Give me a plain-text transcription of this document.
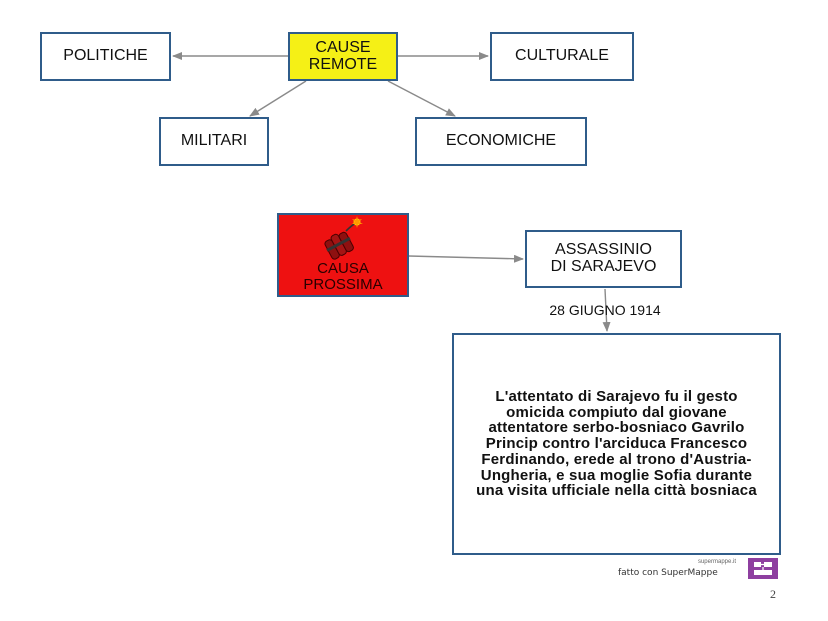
POLITICHE	CAUSE
REMOTE	CULTURALE
MILITARI	ECONOMICHE
CAUSA
PROSSIMA
ASSASSINIO
DI SARAJEVO
28 GIUGNO 1914
L'attentato di Sarajevo fu il gesto omicida compiuto dal giovane attentatore serbo-bosniaco Gavrilo Princip contro l'arciduca Francesco Ferdinando, erede al trono d'Austria-Ungheria, e sua moglie Sofia durante una visita ufficiale nella città bosniaca
supermappe.it
fatto con SuperMappe
2
